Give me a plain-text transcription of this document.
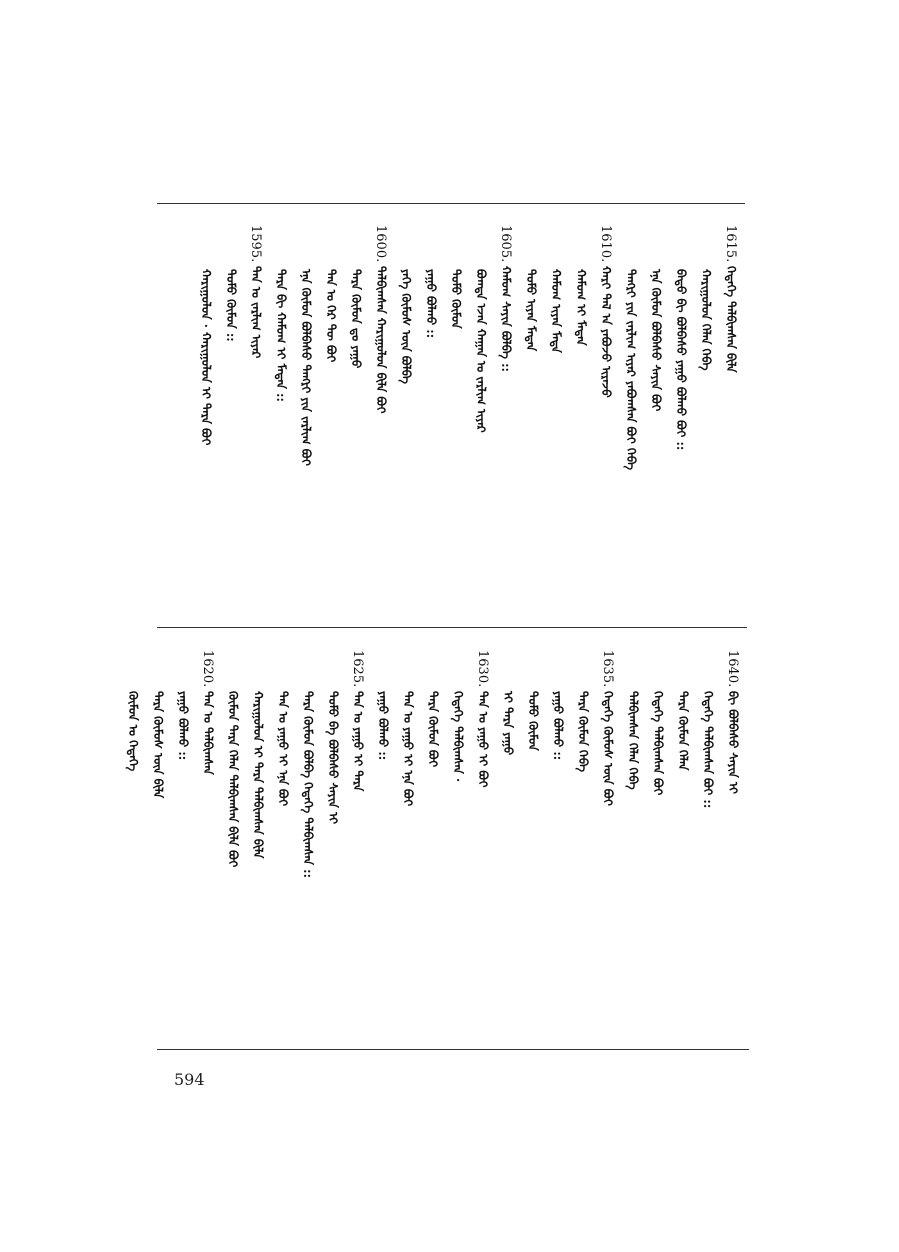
1615. ᠭᠡᠳᠡᠭᠡ ᠲᠠᠯᠪᠢᠭᠰᠠᠨ ᠪᠢᠯᠡ
ᠬᠠᠷᠢᠭᠤᠯᠤᠨ ᠬᠡᠯᠡᠨ ᠭᠡᠪᠡ
ᠪᠠᠲᠤ ᠪᠢ ᠪᠣᠯᠪᠠᠰᠤ ᠶᠠᠭᠤ ᠪᠣᠯᠬᠤ ᠪᠤᠢ ::
ᠡᠨᠡ ᠬᠦᠮᠦᠨ ᠪᠣᠯᠪᠠᠰᠤ ᠰᠠᠶᠢᠨ ᠪᠤᠢ
ᠲᠡᠩᠷᠢ ᠶᠢᠨ ᠵᠠᠷᠯᠢᠭ ᠢᠶᠠᠷ ᠶᠠᠪᠤᠭᠰᠠᠨ ᠪᠤᠢ ᠭᠡᠪᠡ
1610. ᠬᠠᠷᠢ ᠲᠠᠯ ᠠ ᠶᠠᠪᠤᠵᠤ ᠢᠷᠡᠵᠦ
ᠬᠠᠮᠤᠭ ᠢ ᠮᠡᠳᠡᠨ
ᠬᠠᠮᠤᠭ ᠢᠶᠠᠨ ᠮᠡᠳᠡ
ᠲᠣᠮᠣ ᠢᠶᠠᠨ ᠮᠡᠳᠡᠨ
1605. ᠬᠠᠮᠤᠭ ᠰᠠᠶᠢᠨ ᠪᠣᠯᠪᠠ ::
ᠪᠣᠭᠳᠠ ᠡᠵᠡᠨ ᠬᠠᠭᠠᠨ ᠤ ᠵᠠᠷᠯᠢᠭ ᠢᠶᠠᠷ
ᠲᠣᠮᠣ ᠬᠦᠮᠦᠨ
ᠶᠠᠭᠤ ᠪᠣᠯᠬᠤ ::
ᠶᠡᠬᠡ ᠬᠦᠮᠦᠰ ᠦᠨ ᠪᠣᠯᠪᠠ
1600. ᠲᠠᠯᠪᠢᠭᠰᠠᠨ ᠬᠠᠷᠢᠭᠤᠯᠤᠨ ᠪᠢᠯᠡ ᠪᠤᠢ
ᠲᠡᠷᠡ ᠬᠦᠮᠦᠨ ᠳᠤ ᠶᠠᠭᠤ
ᠲᠠᠨ ᠤ ᠭᠡᠷ ᠲᠦ ᠪᠤᠢ
ᠡᠨᠡ ᠬᠦᠮᠦᠨ ᠪᠣᠯᠪᠠᠰᠤ ᠲᠡᠩᠷᠢ ᠶᠢᠨ ᠵᠠᠷᠯᠢᠭ ᠪᠤᠢ
ᠲᠡᠷᠡ ᠪᠢ ᠬᠠᠮᠤᠭ ᠢ ᠮᠡᠳᠡᠨ ::
1595. ᠲᠠᠨ ᠤ ᠵᠠᠷᠯᠢᠭ ᠢᠶᠠᠷ
ᠲᠣᠮᠣ ᠬᠦᠮᠦᠨ ::
ᠬᠠᠷᠢᠭᠤᠯᠤᠨ · ᠬᠠᠷᠢᠭᠤᠯᠤᠨ ᠢ ᠲᠡᠷᠡ ᠪᠤᠢ
1640. ᠪᠢ ᠪᠣᠯᠪᠠᠰᠤ ᠰᠠᠶᠢᠨ ᠢ
ᠭᠡᠳᠡᠭᠡ ᠲᠠᠯᠪᠢᠭᠰᠠᠨ ᠪᠤᠢ ::
ᠲᠡᠷᠡ ᠬᠦᠮᠦᠨ ᠬᠡᠯᠡᠨ
ᠭᠡᠳᠡᠭᠡ ᠲᠠᠯᠪᠢᠭᠰᠠᠨ ᠪᠤᠢ
ᠲᠠᠯᠪᠢᠭᠰᠠᠨ ᠬᠡᠯᠡᠨ ᠭᠡᠪᠡ
1635. ᠭᠡᠳᠡᠭᠡ ᠬᠦᠮᠦᠰ ᠦᠨ ᠪᠤᠢ
ᠲᠡᠷᠡ ᠬᠦᠮᠦᠨ ᠭᠡᠪᠡ
ᠶᠠᠭᠤ ᠪᠣᠯᠬᠤ ::
ᠲᠣᠮᠣ ᠬᠦᠮᠦᠨ
ᠢ ᠲᠡᠷᠡ ᠶᠠᠭᠤ
1630. ᠲᠠᠨ ᠤ ᠶᠠᠭᠤ ᠢ ᠪᠤᠢ
ᠭᠡᠳᠡᠭᠡ ᠲᠠᠯᠪᠢᠭᠰᠠᠨ ·
ᠲᠡᠷᠡ ᠬᠦᠮᠦᠨ ᠪᠤᠢ
ᠲᠠᠨ ᠤ ᠶᠠᠭᠤ ᠢ ᠡᠨᠡ ᠪᠤᠢ
ᠶᠠᠭᠤ ᠪᠣᠯᠬᠤ ::
1625. ᠲᠠᠨ ᠤ ᠶᠠᠭᠤ ᠢ ᠲᠡᠷᠡ
ᠲᠣᠮᠣ ᠪᠠ ᠪᠣᠯᠪᠠᠰᠤ ᠰᠠᠶᠢᠨ ᠢ
ᠲᠡᠷᠡ ᠬᠦᠮᠦᠨ ᠪᠣᠯᠪᠠ ᠭᠡᠳᠡᠭᠡ ᠲᠠᠯᠪᠢᠭᠰᠠᠨ ::
ᠲᠠᠨ ᠤ ᠶᠠᠭᠤ ᠢ ᠡᠨᠡ ᠪᠤᠢ
ᠬᠠᠷᠢᠭᠤᠯᠤᠨ ᠢ ᠲᠡᠷᠡ ᠲᠠᠯᠪᠢᠭᠰᠠᠨ ᠪᠢᠯᠡ
ᠬᠦᠮᠦᠨ ᠲᠡᠷᠡ ᠬᠡᠯᠡᠨ ᠲᠠᠯᠪᠢᠭᠰᠠᠨ ᠪᠢᠯᠡ ᠪᠤᠢ
1620. ᠲᠠᠨ ᠤ ᠲᠠᠯᠪᠢᠭᠰᠠᠨ
ᠶᠠᠭᠤ ᠪᠣᠯᠬᠤ ::
ᠲᠡᠷᠡ ᠬᠦᠮᠦᠰ ᠦᠨ ᠪᠢᠯᠡ
ᠬᠦᠮᠦᠨ ᠤ ᠭᠡᠳᠡᠭᠡ
594
